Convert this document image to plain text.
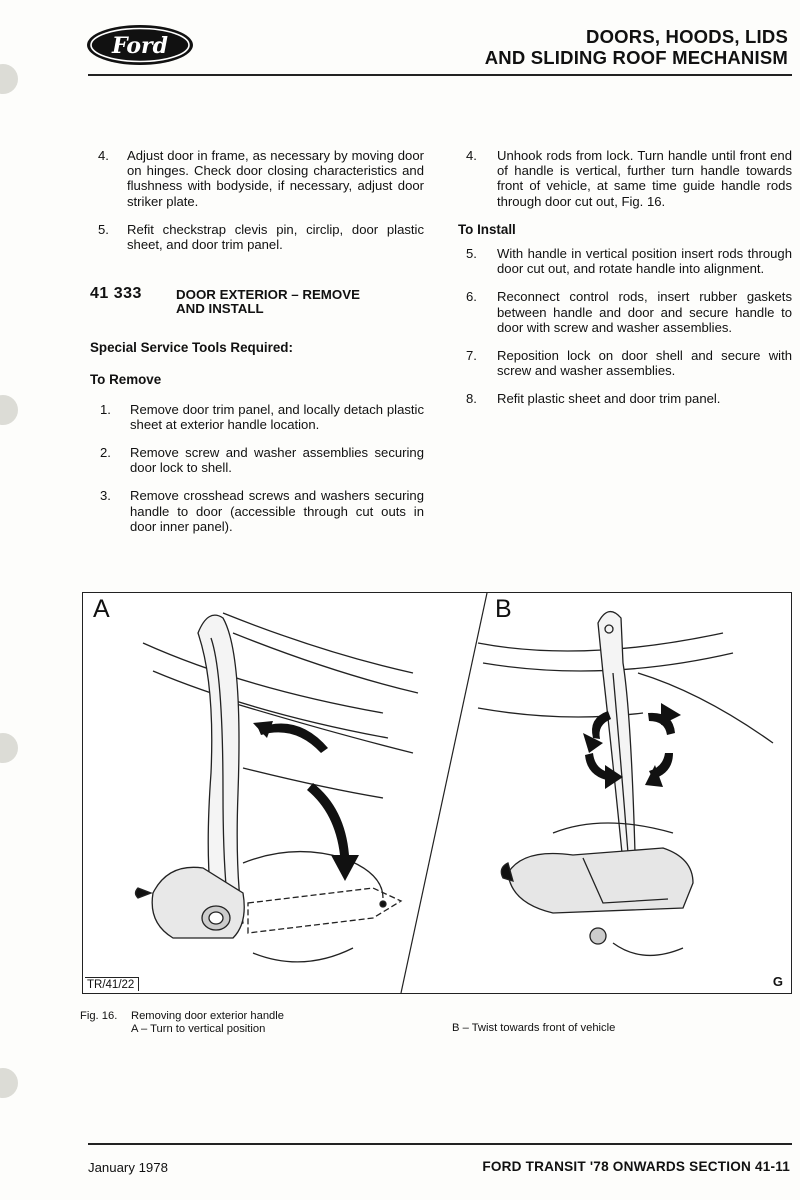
Ford	DOORS, HOODS, LIDS
AND SLIDING ROOF MECHANISM
4.	Adjust door in frame, as necessary by moving door on hinges. Check door closing characteristics and flushness with bodyside, if necessary, adjust door striker plate.
5.	Refit checkstrap clevis pin, circlip, door plastic sheet, and door trim panel.
41 333	DOOR EXTERIOR – REMOVE
AND INSTALL
Special Service Tools Required:
To Remove
1.	Remove door trim panel, and locally detach plastic sheet at exterior handle location.
2.	Remove screw and washer assemblies securing door lock to shell.
3.	Remove crosshead screws and washers securing handle to door (accessible through cut outs in door inner panel).
4.	Unhook rods from lock. Turn handle until front end of handle is vertical, further turn handle towards front of vehicle, at same time guide handle rods through door cut out, Fig. 16.
To Install
5.	With handle in vertical position insert rods through door cut out, and rotate handle into alignment.
6.	Reconnect control rods, insert rubber gaskets between handle and door and secure handle to door with screw and washer assemblies.
7.	Reposition lock on door shell and secure with screw and washer assemblies.
8.	Refit plastic sheet and door trim panel.
A	B
TR/41/22	G
Fig. 16. Removing door exterior handle
A – Turn to vertical position	B – Twist towards front of vehicle
January 1978	FORD TRANSIT '78 ONWARDS SECTION 41-11
